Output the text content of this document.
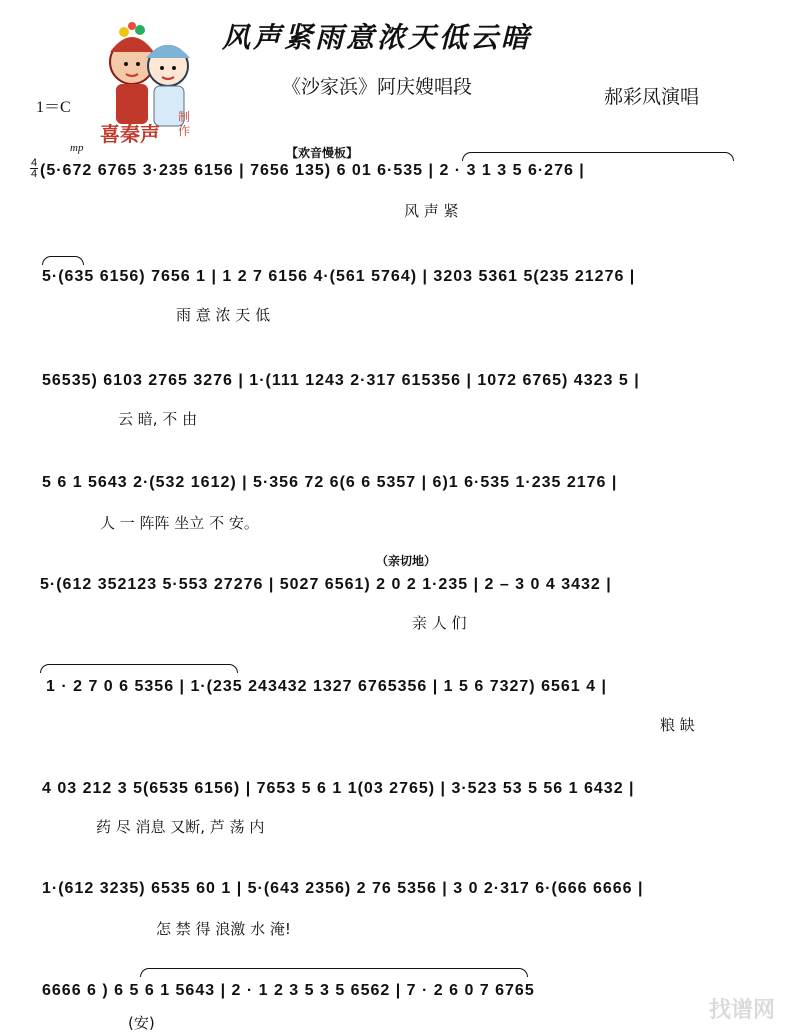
风声紧雨意浓天低云暗
《沙家浜》阿庆嫂唱段	郝彩凤演唱
1＝C
mp
4
4
喜秦声
制作
【欢音慢板】
（亲切地）
(5·672 6765 3·235 6156 | 7656 135) 6 01 6·535 | 2 · 3 1 3 5 6·276 |
风 声 紧
5·(635 6156) 7656 1 | 1 2 7 6156 4·(561 5764) | 3203 5361 5(235 21276 |
雨 意 浓 天 低
56535) 6103 2765 3276 | 1·(111 1243 2·317 615356 | 1072 6765) 4323 5 |
云 暗, 不 由
5 6 1 5643 2·(532 1612) | 5·356 72 6(6 6 5357 | 6)1 6·535 1·235 2176 |
人 一 阵阵 坐立 不 安。
5·(612 352123 5·553 27276 | 5027 6561) 2 0 2 1·235 | 2 – 3 0 4 3432 |
亲 人 们
1 · 2 7 0 6 5356 | 1·(235 243432 1327 6765356 | 1 5 6 7327) 6561 4 |
粮 缺
4 03 212 3 5(6535 6156) | 7653 5 6 1 1(03 2765) | 3·523 53 5 56 1 6432 |
药 尽 消息 又断, 芦 荡 内
1·(612 3235) 6535 60 1 | 5·(643 2356) 2 76 5356 | 3 0 2·317 6·(666 6666 |
怎 禁 得 浪激 水 淹!
6666 6 ) 6 5 6 1 5643 | 2 · 1 2 3 5 3 5 6562 | 7 · 2 6 0 7 6765
(安)	找谱网
